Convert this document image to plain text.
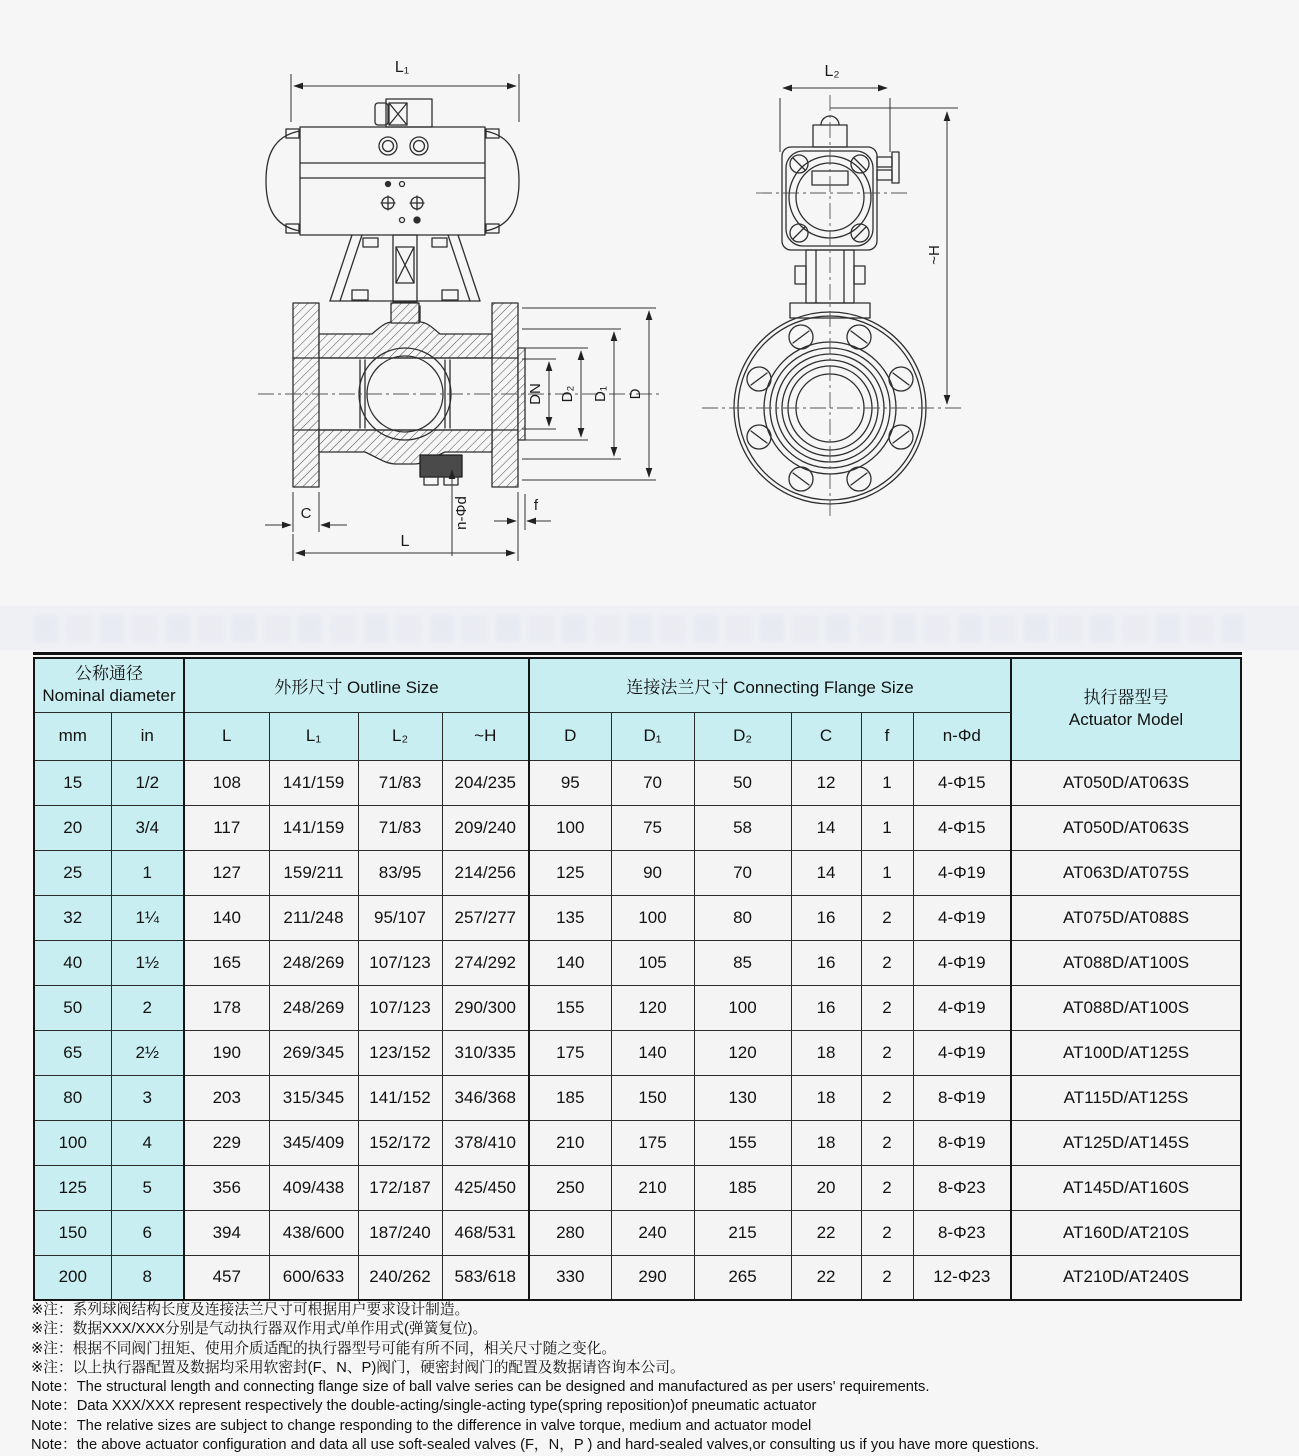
L₁
DN D₂ D₁ D
C
L
f
n-Φd
L₂
~H
公称通径
Nominal diameter	外形尺寸 Outline Size	连接法兰尺寸 Connecting Flange Size	
执行器型号
Actuator Model

mm	in	L	L₁	L₂	~H	D	D₁	D₂	C	f	n-Φd	
15	1/2	108	141/159	71/83	204/235	95	70	50	12	1	4-Φ15	AT050D/AT063S
20	3/4	117	141/159	71/83	209/240	100	75	58	14	1	4-Φ15	AT050D/AT063S
25	1	127	159/211	83/95	214/256	125	90	70	14	1	4-Φ19	AT063D/AT075S
32	1¼	140	211/248	95/107	257/277	135	100	80	16	2	4-Φ19	AT075D/AT088S
40	1½	165	248/269	107/123	274/292	140	105	85	16	2	4-Φ19	AT088D/AT100S
50	2	178	248/269	107/123	290/300	155	120	100	16	2	4-Φ19	AT088D/AT100S
65	2½	190	269/345	123/152	310/335	175	140	120	18	2	4-Φ19	AT100D/AT125S
80	3	203	315/345	141/152	346/368	185	150	130	18	2	8-Φ19	AT115D/AT125S
100	4	229	345/409	152/172	378/410	210	175	155	18	2	8-Φ19	AT125D/AT145S
125	5	356	409/438	172/187	425/450	250	210	185	20	2	8-Φ23	AT145D/AT160S
150	6	394	438/600	187/240	468/531	280	240	215	22	2	8-Φ23	AT160D/AT210S
200	8	457	600/633	240/262	583/618	330	290	265	22	2	12-Φ23	AT210D/AT240S
※注：系列球阀结构长度及连接法兰尺寸可根据用户要求设计制造。
※注：数据XXX/XXX分别是气动执行器双作用式/单作用式(弹簧复位)。
※注：根据不同阀门扭矩、使用介质适配的执行器型号可能有所不同，相关尺寸随之变化。
※注：以上执行器配置及数据均采用软密封(F、N、P)阀门，硬密封阀门的配置及数据请咨询本公司。
Note：The structural length and connecting flange size of ball valve series can be designed and manufactured as per users' requirements.
Note：Data XXX/XXX represent respectively the double-acting/single-acting type(spring reposition)of pneumatic actuator
Note：The relative sizes are subject to change responding to the difference in valve torque, medium and actuator model
Note：the above actuator configuration and data all use soft-sealed valves (F，N，P ) and hard-sealed valves,or consulting us if you have more questions.
